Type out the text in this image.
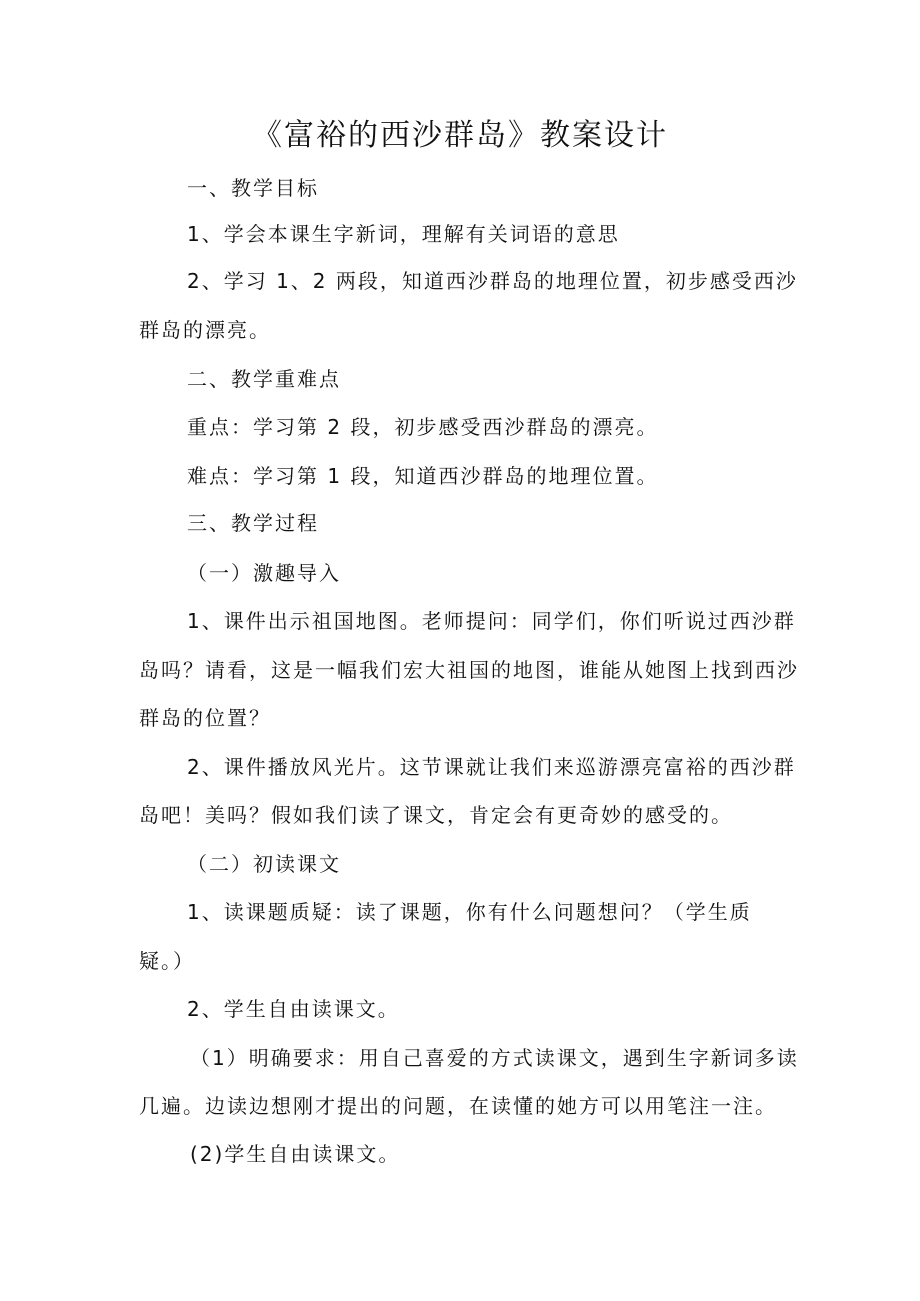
《富裕的西沙群岛》教案设计
一、教学目标
1、学会本课生字新词，理解有关词语的意思
2、学习 1、2 两段，知道西沙群岛的地理位置，初步感受西沙
群岛的漂亮。
二、教学重难点
重点：学习第 2 段，初步感受西沙群岛的漂亮。
难点：学习第 1 段，知道西沙群岛的地理位置。
三、教学过程
（一）激趣导入
1、课件出示祖国地图。老师提问：同学们，你们听说过西沙群
岛吗？请看，这是一幅我们宏大祖国的地图，谁能从她图上找到西沙
群岛的位置？
2、课件播放风光片。这节课就让我们来巡游漂亮富裕的西沙群
岛吧！美吗？假如我们读了课文，肯定会有更奇妙的感受的。
（二）初读课文
1、读课题质疑：读了课题，你有什么问题想问？（学生质
疑。）
2、学生自由读课文。
（1）明确要求：用自己喜爱的方式读课文，遇到生字新词多读
几遍。边读边想刚才提出的问题，在读懂的她方可以用笔注一注。
(2)学生自由读课文。
